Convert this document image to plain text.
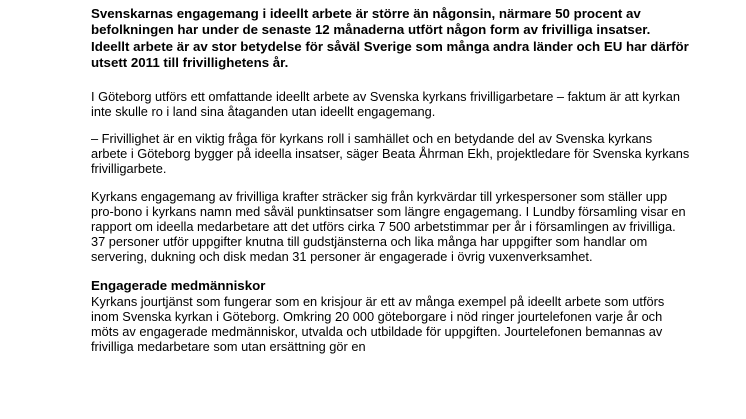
Svenskarnas engagemang i ideellt arbete är större än någonsin, närmare 50 procent av befolkningen har under de senaste 12 månaderna utfört någon form av frivilliga insatser.

Ideellt arbete är av stor betydelse för såväl Sverige som många andra länder och EU har därför utsett 2011 till frivillighetens år.

I Göteborg utförs ett omfattande ideellt arbete av Svenska kyrkans frivilligarbetare – faktum är att kyrkan inte skulle ro i land sina åtaganden utan ideellt engagemang.

– Frivillighet är en viktig fråga för kyrkans roll i samhället och en betydande del av Svenska kyrkans arbete i Göteborg bygger på ideella insatser, säger Beata Åhrman Ekh, projektledare för Svenska kyrkans frivilligarbete.

Kyrkans engagemang av frivilliga krafter sträcker sig från kyrkvärdar till yrkespersoner som ställer upp pro-bono i kyrkans namn med såväl punktinsatser som längre engagemang. I Lundby församling visar en rapport om ideella medarbetare att det utförs cirka 7 500 arbetstimmar per år i församlingen av frivilliga. 37 personer utför uppgifter knutna till gudstjänsterna och lika många har uppgifter som handlar om servering, dukning och disk medan 31 personer är engagerade i övrig vuxenverksamhet.

Engagerade medmänniskor

Kyrkans jourtjänst som fungerar som en krisjour är ett av många exempel på ideellt arbete som utförs inom Svenska kyrkan i Göteborg. Omkring 20 000 göteborgare i nöd ringer jourtelefonen varje år och möts av engagerade medmänniskor, utvalda och utbildade för uppgiften. Jourtelefonen bemannas av frivilliga medarbetare som utan ersättning gör en
